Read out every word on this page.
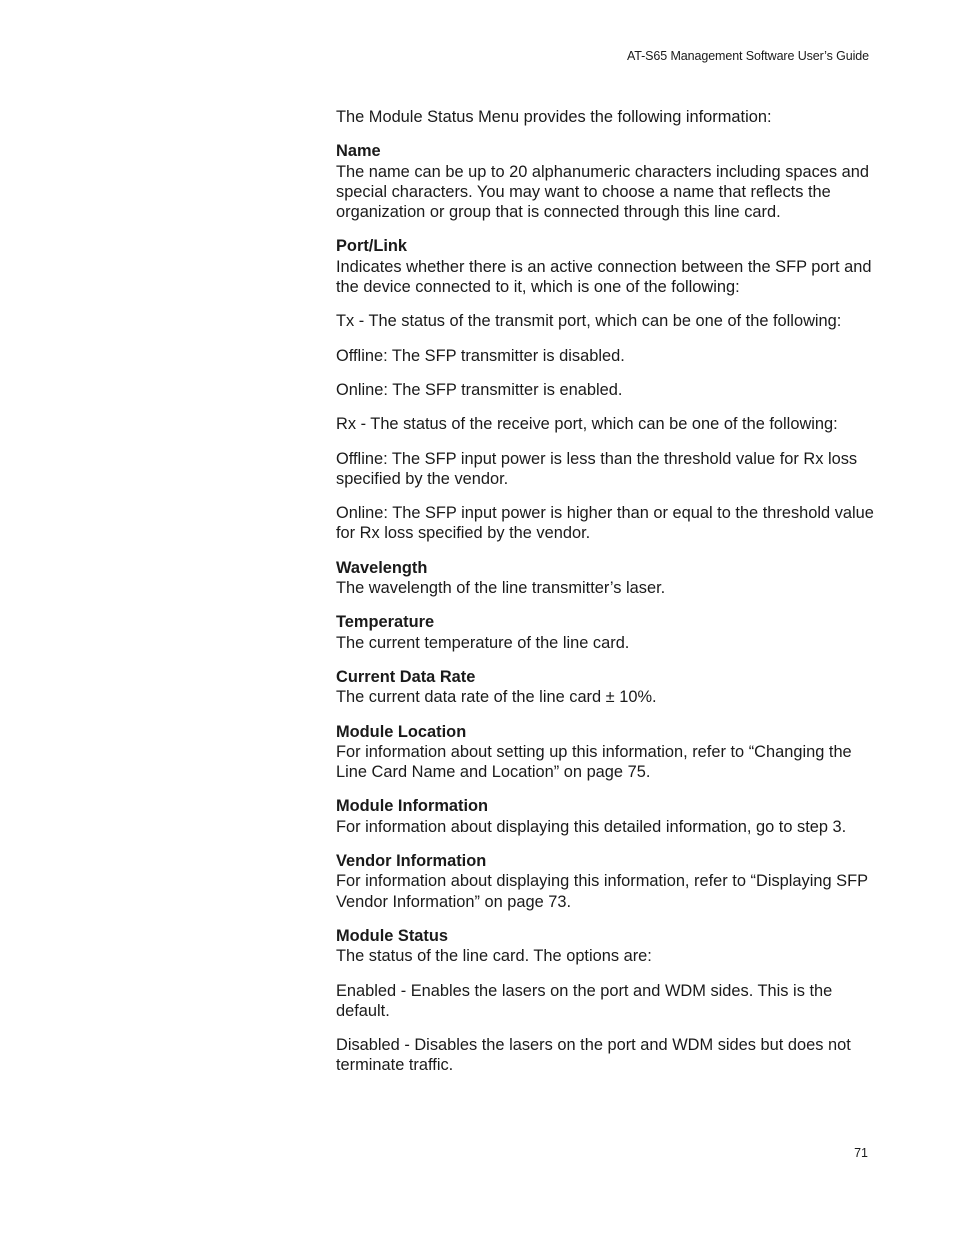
AT-S65 Management Software User’s Guide

The Module Status Menu provides the following information:

Name
The name can be up to 20 alphanumeric characters including spaces and special characters. You may want to choose a name that reflects the organization or group that is connected through this line card.
Port/Link
Indicates whether there is an active connection between the SFP port and the device connected to it, which is one of the following:

Tx - The status of the transmit port, which can be one of the following:

Offline: The SFP transmitter is disabled.

Online: The SFP transmitter is enabled.

Rx - The status of the receive port, which can be one of the following:

Offline: The SFP input power is less than the threshold value for Rx loss specified by the vendor.

Online: The SFP input power is higher than or equal to the threshold value for Rx loss specified by the vendor.

Wavelength
The wavelength of the line transmitter’s laser.
Temperature
The current temperature of the line card.
Current Data Rate
The current data rate of the line card ± 10%.
Module Location
For information about setting up this information, refer to “Changing the Line Card Name and Location” on page 75.
Module Information
For information about displaying this detailed information, go to step 3.
Vendor Information
For information about displaying this information, refer to “Displaying SFP Vendor Information” on page 73.
Module Status
The status of the line card. The options are:

Enabled - Enables the lasers on the port and WDM sides. This is the default.

Disabled - Disables the lasers on the port and WDM sides but does not terminate traffic.

71
